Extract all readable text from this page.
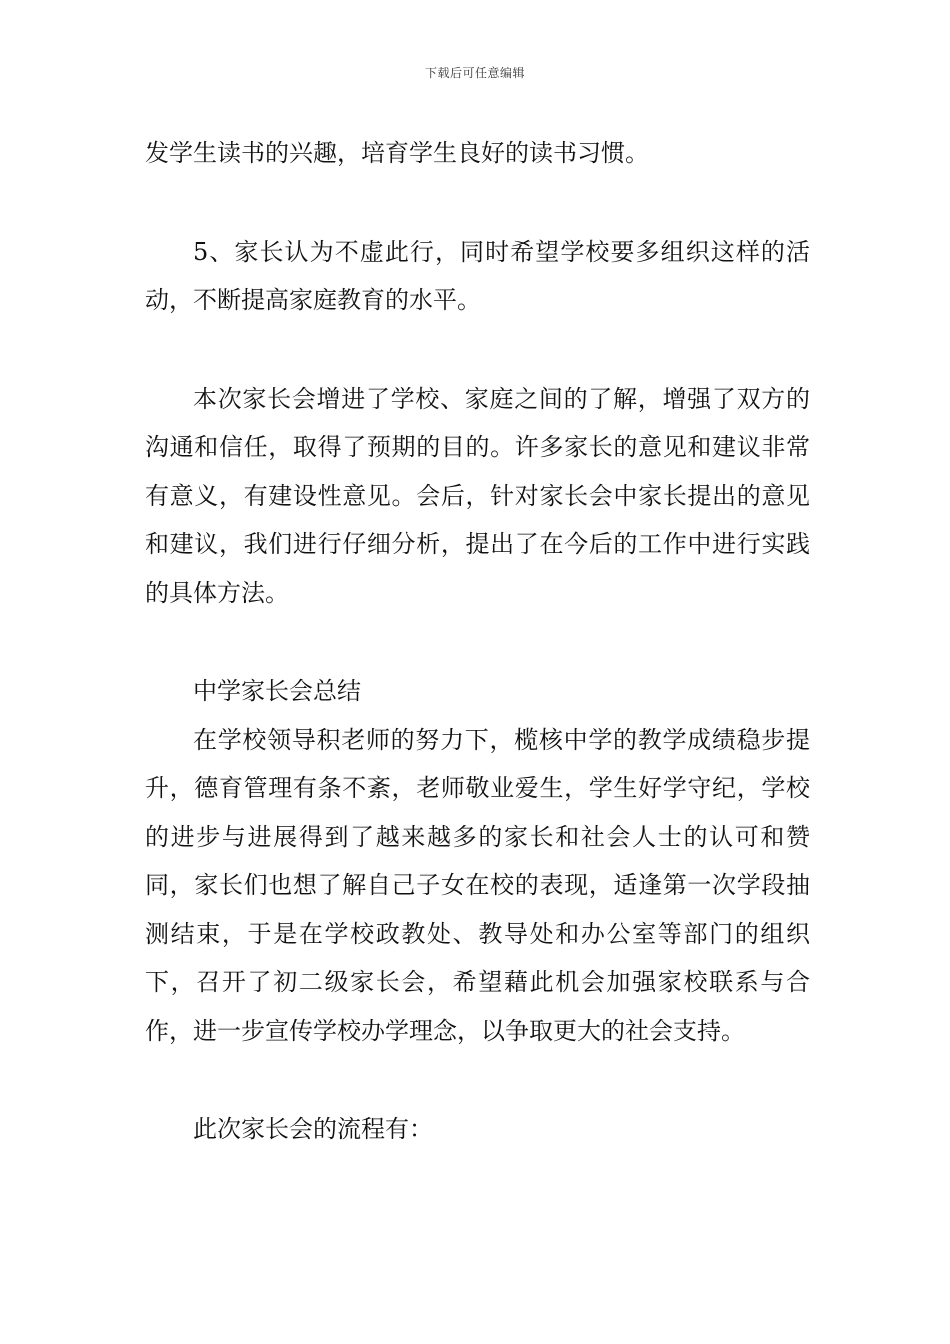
下载后可任意编辑

发学生读书的兴趣，培育学生良好的读书习惯。

5、家长认为不虚此行，同时希望学校要多组织这样的活动，不断提高家庭教育的水平。

本次家长会增进了学校、家庭之间的了解，增强了双方的沟通和信任，取得了预期的目的。许多家长的意见和建议非常有意义，有建设性意见。会后，针对家长会中家长提出的意见和建议，我们进行仔细分析，提出了在今后的工作中进行实践的具体方法。

中学家长会总结

在学校领导积老师的努力下，榄核中学的教学成绩稳步提升，德育管理有条不紊，老师敬业爱生，学生好学守纪，学校的进步与进展得到了越来越多的家长和社会人士的认可和赞同，家长们也想了解自己子女在校的表现，适逢第一次学段抽测结束，于是在学校政教处、教导处和办公室等部门的组织下，召开了初二级家长会，希望藉此机会加强家校联系与合作，进一步宣传学校办学理念，以争取更大的社会支持。

此次家长会的流程有：
